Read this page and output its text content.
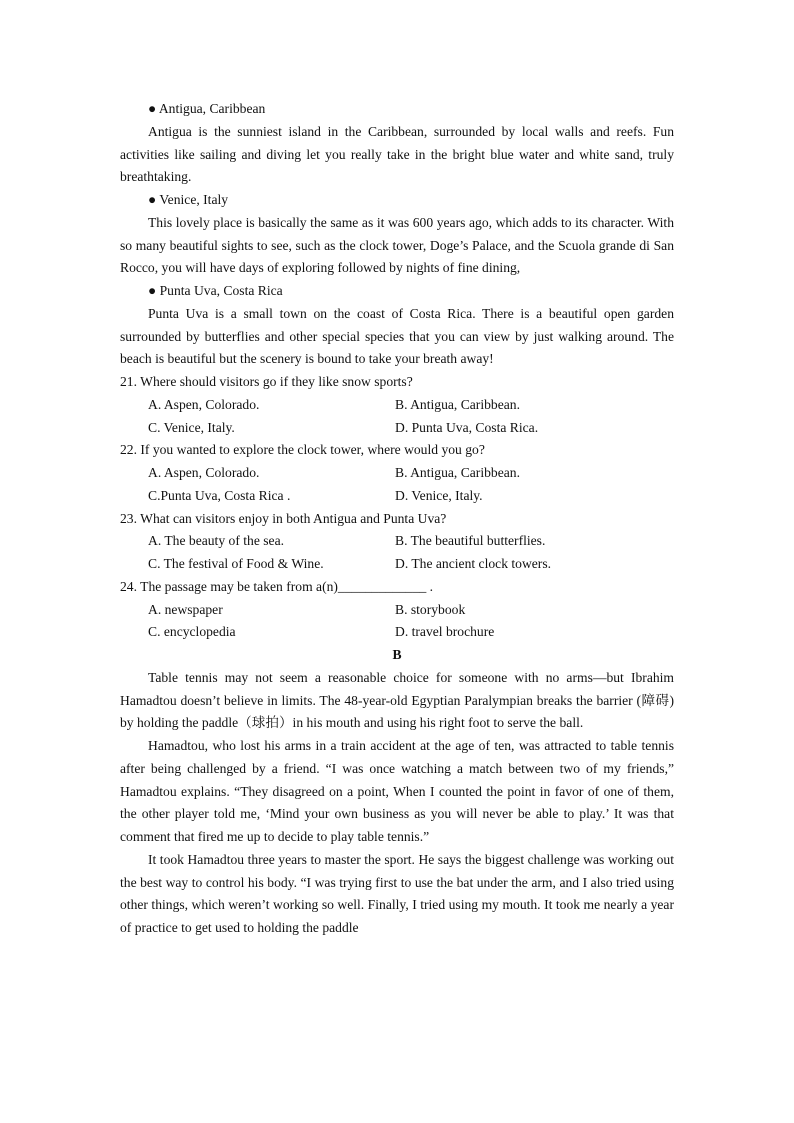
● Antigua, Caribbean

Antigua is the sunniest island in the Caribbean, surrounded by local walls and reefs. Fun activities like sailing and diving let you really take in the bright blue water and white sand, truly breathtaking.

● Venice, Italy

This lovely place is basically the same as it was 600 years ago, which adds to its character. With so many beautiful sights to see, such as the clock tower, Doge’s Palace, and the Scuola grande di San Rocco, you will have days of exploring followed by nights of fine dining,

● Punta Uva, Costa Rica

Punta Uva is a small town on the coast of Costa Rica. There is a beautiful open garden surrounded by butterflies and other special species that you can view by just walking around. The beach is beautiful but the scenery is bound to take your breath away!

21. Where should visitors go if they like snow sports?
A. Aspen, Colorado.	B. Antigua, Caribbean.
C. Venice, Italy.	D. Punta Uva, Costa Rica.
22. If you wanted to explore the clock tower, where would you go?
A. Aspen, Colorado.	B. Antigua, Caribbean.
C.Punta Uva, Costa Rica .	D. Venice, Italy.
23. What can visitors enjoy in both Antigua and Punta Uva?
A. The beauty of the sea.	B. The beautiful butterflies.
C. The festival of Food & Wine.	D. The ancient clock towers.
24. The passage may be taken from a(n)_____________ .
A. newspaper	B. storybook
C. encyclopedia	D. travel brochure
B

Table tennis may not seem a reasonable choice for someone with no arms—but Ibrahim Hamadtou doesn’t believe in limits. The 48-year-old Egyptian Paralympian breaks the barrier (障碍) by holding the paddle（球拍）in his mouth and using his right foot to serve the ball.

Hamadtou, who lost his arms in a train accident at the age of ten, was attracted to table tennis after being challenged by a friend. “I was once watching a match between two of my friends,” Hamadtou explains. “They disagreed on a point, When I counted the point in favor of one of them, the other player told me, ‘Mind your own business as you will never be able to play.’ It was that comment that fired me up to decide to play table tennis.”

It took Hamadtou three years to master the sport. He says the biggest challenge was working out the best way to control his body. “I was trying first to use the bat under the arm, and I also tried using other things, which weren’t working so well. Finally, I tried using my mouth. It took me nearly a year of practice to get used to holding the paddle
